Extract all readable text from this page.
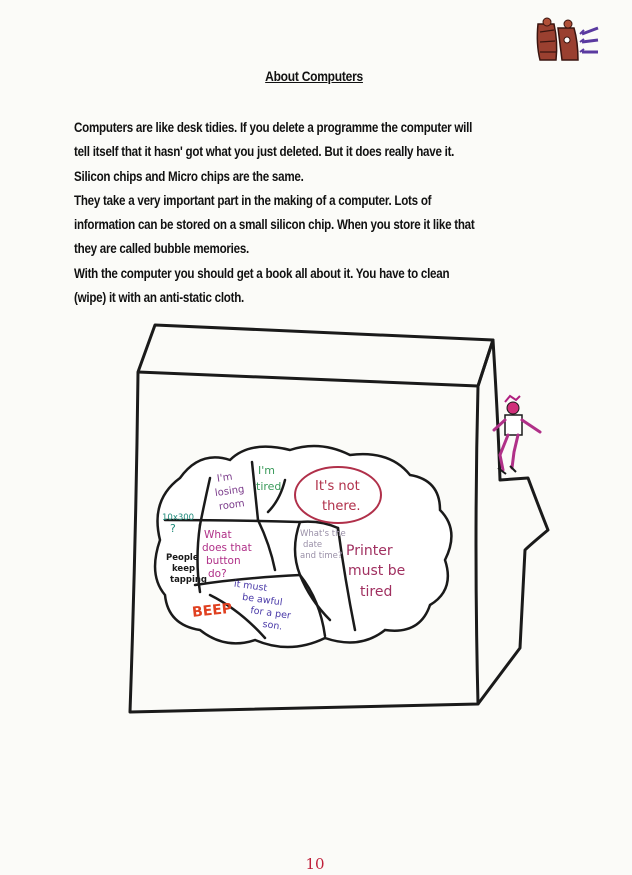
About Computers
Computers are like desk tidies. If you delete a programme the computer will
tell itself that it hasn' got what you just deleted. But it does really have it.
Silicon chips and Micro chips are the same.
They take a very important part in the making of a computer. Lots of
information can be stored on a small silicon chip. When you store it like that
they are called bubble memories.
With the computer you should get a book all about it. You have to clean
(wipe) it with an anti-static cloth.
I'm
losing
room
I'm
tired	It's not
there.
10x300
?	What
does that
button
do?
What's the
date
and time? Printer
must be
tired
People
keep
tapping	it must
be awful
for a per
son.
BEEP
10
